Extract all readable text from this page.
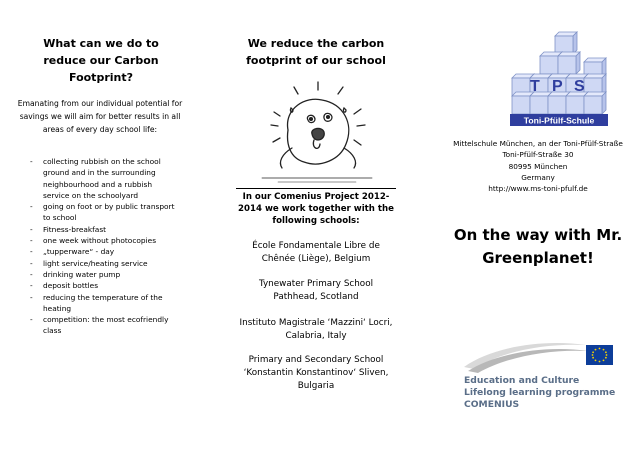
What can we do to reduce our Carbon Footprint?
Emanating from our individual potential for savings we will aim for better results in all areas of every day school life:
- collecting rubbish on the school ground and in the surrounding neighbourhood and a rubbish service on the schoolyard
- going on foot or by public transport to school
- Fitness-breakfast
- one week without photocopies
- „tupperware“ - day
- light service/heating service
- drinking water pump
- deposit bottles
- reducing the temperature of the heating
- competition: the most ecofriendly class
We reduce the carbon footprint of our school
In our Comenius Project 2012-2014 we work together with the following schools:
École Fondamentale Libre de Chênée (Liège), Belgium
Tynewater Primary School Pathhead, Scotland
Instituto Magistrale ‘Mazzini‘ Locri, Calabria, Italy
Primary and Secondary School ‘Konstantin Konstantinov‘ Sliven, Bulgaria
T P S
Toni-Pfülf-Schule
Mittelschule München, an der Toni-Pfülf-Straße
Toni-Pfülf-Straße 30
80995 München
Germany
http://www.ms-toni-pfulf.de
On the way with Mr. Greenplanet!
Education and Culture
Lifelong learning programme
COMENIUS
